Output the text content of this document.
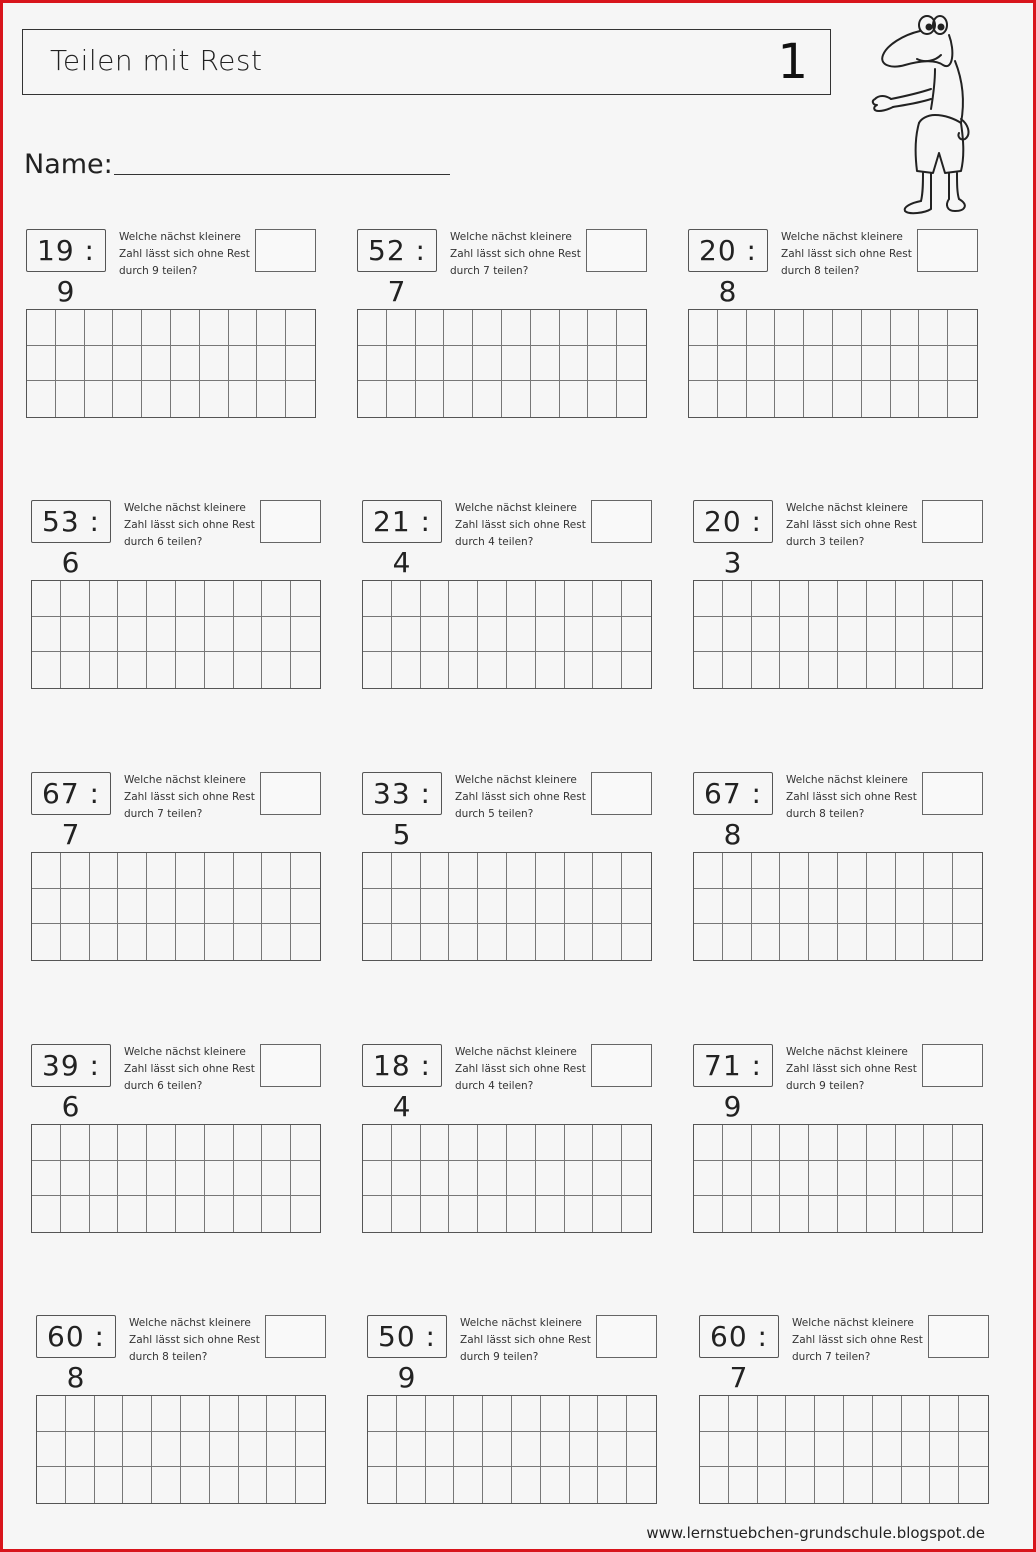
Teilen mit Rest	1
Name:
19 : 9
Welche nächst kleinere
Zahl lässt sich ohne Rest
durch 9 teilen?
52 : 7
Welche nächst kleinere
Zahl lässt sich ohne Rest
durch 7 teilen?
20 : 8
Welche nächst kleinere
Zahl lässt sich ohne Rest
durch 8 teilen?
53 : 6
Welche nächst kleinere
Zahl lässt sich ohne Rest
durch 6 teilen?
21 : 4
Welche nächst kleinere
Zahl lässt sich ohne Rest
durch 4 teilen?
20 : 3
Welche nächst kleinere
Zahl lässt sich ohne Rest
durch 3 teilen?
67 : 7
Welche nächst kleinere
Zahl lässt sich ohne Rest
durch 7 teilen?
33 : 5
Welche nächst kleinere
Zahl lässt sich ohne Rest
durch 5 teilen?
67 : 8
Welche nächst kleinere
Zahl lässt sich ohne Rest
durch 8 teilen?
39 : 6
Welche nächst kleinere
Zahl lässt sich ohne Rest
durch 6 teilen?
18 : 4
Welche nächst kleinere
Zahl lässt sich ohne Rest
durch 4 teilen?
71 : 9
Welche nächst kleinere
Zahl lässt sich ohne Rest
durch 9 teilen?
60 : 8
Welche nächst kleinere
Zahl lässt sich ohne Rest
durch 8 teilen?
50 : 9
Welche nächst kleinere
Zahl lässt sich ohne Rest
durch 9 teilen?
60 : 7
Welche nächst kleinere
Zahl lässt sich ohne Rest
durch 7 teilen?
www.lernstuebchen-grundschule.blogspot.de
